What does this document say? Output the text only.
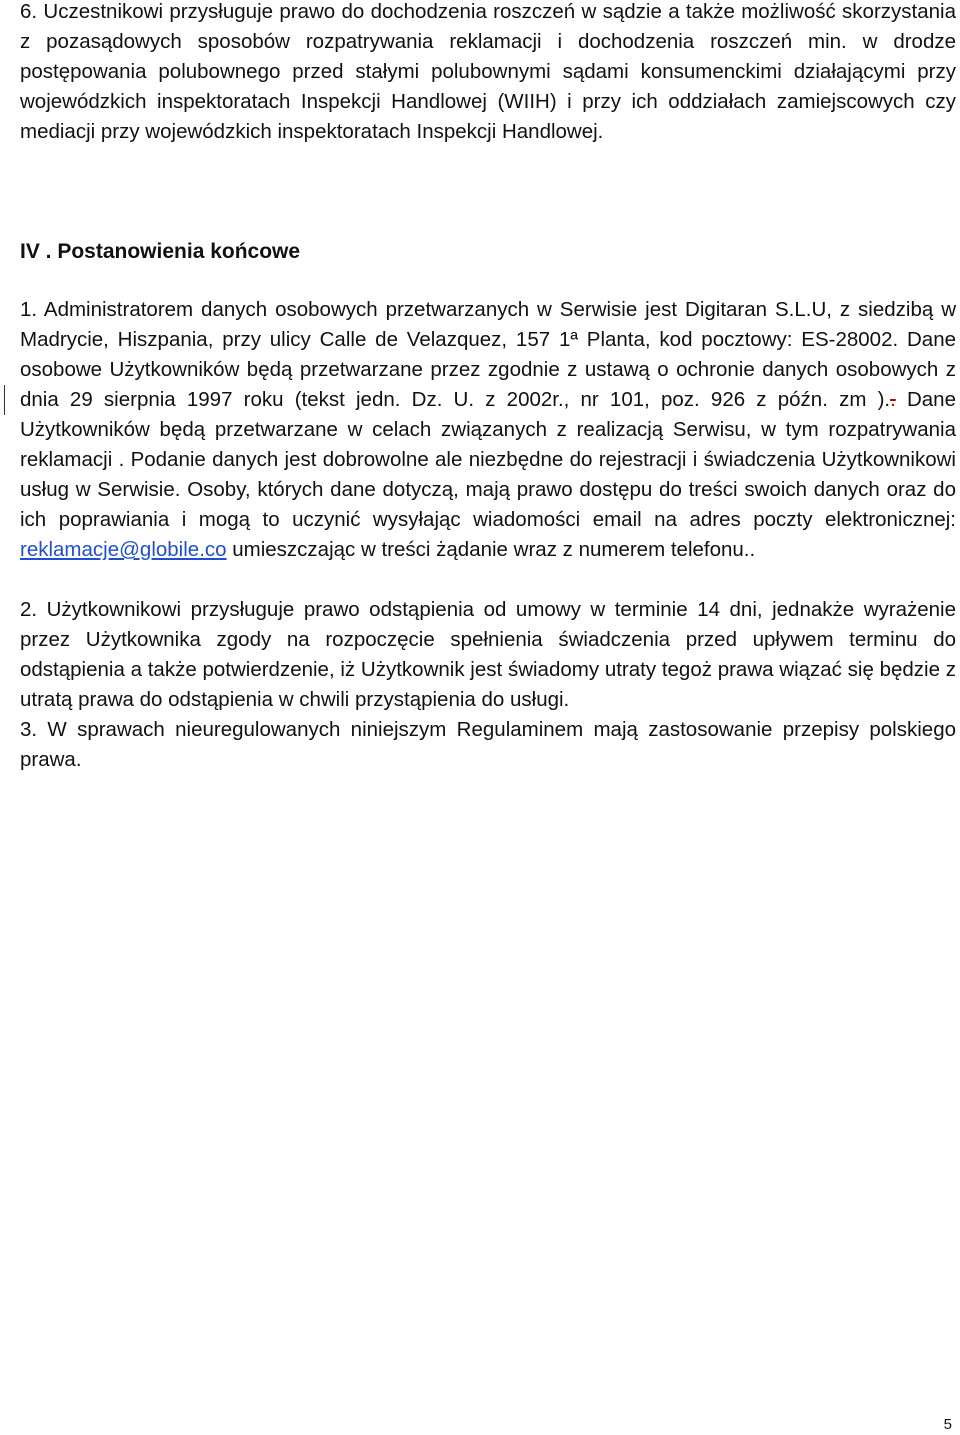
6. Uczestnikowi przysługuje prawo do dochodzenia roszczeń w sądzie a także możliwość skorzystania z pozasądowych sposobów rozpatrywania reklamacji i dochodzenia roszczeń min. w drodze postępowania polubownego przed stałymi polubownymi sądami konsumenckimi działającymi przy wojewódzkich inspektoratach Inspekcji Handlowej (WIIH) i przy ich oddziałach zamiejscowych czy mediacji przy wojewódzkich inspektoratach Inspekcji Handlowej.

IV . Postanowienia końcowe

1. Administratorem danych osobowych przetwarzanych w Serwisie jest Digitaran S.L.U, z siedzibą w Madrycie, Hiszpania, przy ulicy Calle de Velazquez, 157 1ª Planta, kod pocztowy: ES-28002. Dane osobowe Użytkowników będą przetwarzane przez zgodnie z ustawą o ochronie danych osobowych z dnia 29 sierpnia 1997 roku (tekst jedn. Dz. U. z 2002r., nr 101, poz. 926 z późn. zm ).. Dane Użytkowników będą przetwarzane w celach związanych z realizacją Serwisu, w tym rozpatrywania reklamacji . Podanie danych jest dobrowolne ale niezbędne do rejestracji i świadczenia Użytkownikowi usług w Serwisie. Osoby, których dane dotyczą, mają prawo dostępu do treści swoich danych oraz do ich poprawiania i mogą to uczynić wysyłając wiadomości email na adres poczty elektronicznej: reklamacje@globile.co umieszczając w treści żądanie wraz z numerem telefonu..

2. Użytkownikowi przysługuje prawo odstąpienia od umowy w terminie 14 dni, jednakże wyrażenie przez Użytkownika zgody na rozpoczęcie spełnienia świadczenia przed upływem terminu do odstąpienia a także potwierdzenie, iż Użytkownik jest świadomy utraty tegoż prawa wiązać się będzie z utratą prawa do odstąpienia w chwili przystąpienia do usługi.

3. W sprawach nieuregulowanych niniejszym Regulaminem mają zastosowanie przepisy polskiego prawa.

5
